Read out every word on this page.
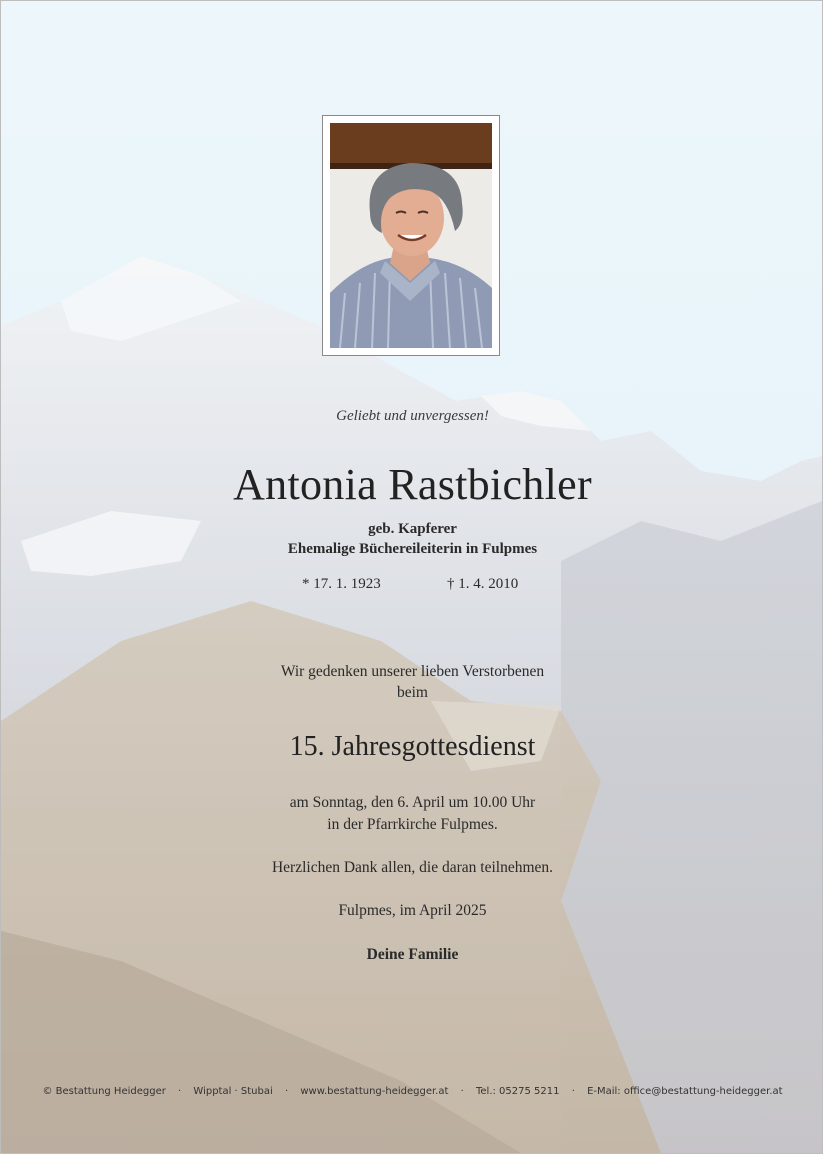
Geliebt und unvergessen!
Antonia Rastbichler
geb. Kapferer
Ehemalige Büchereileiterin in Fulpmes
* 17. 1. 1923	† 1. 4. 2010
Wir gedenken unserer lieben Verstorbenen
beim
15. Jahresgottesdienst
am Sonntag, den 6. April um 10.00 Uhr
in der Pfarrkirche Fulpmes.
Herzlichen Dank allen, die daran teilnehmen.
Fulpmes, im April 2025
Deine Familie
© Bestattung Heidegger · Wipptal · Stubai · www.bestattung-heidegger.at · Tel.: 05275 5211 · E-Mail: office@bestattung-heidegger.at
